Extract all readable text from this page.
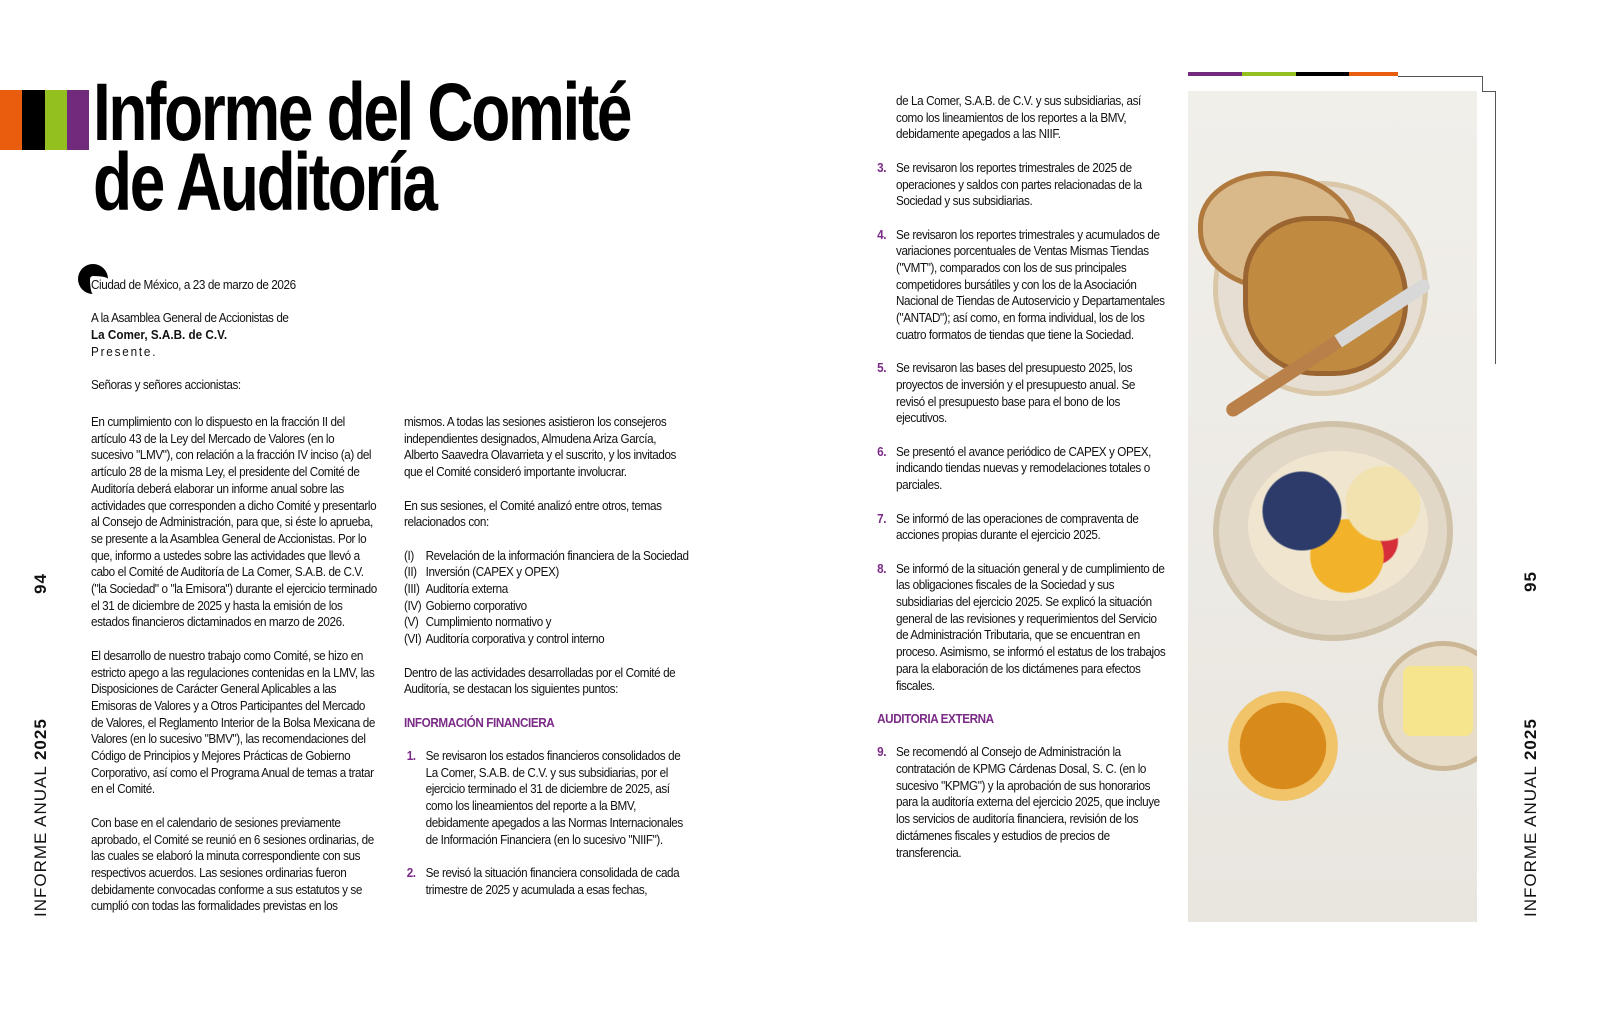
Informe del Comité
de Auditoría

Ciudad de México, a 23 de marzo de 2026

A la Asamblea General de Accionistas de
La Comer, S.A.B. de C.V.

Presente.

Señoras y señores accionistas:

En cumplimiento con lo dispuesto en la fracción II del artículo 43 de la Ley del Mercado de Valores (en lo sucesivo "LMV"), con relación a la fracción IV inciso (a) del artículo 28 de la misma Ley, el presidente del Comité de Auditoría deberá elaborar un informe anual sobre las actividades que corresponden a dicho Comité y presentarlo al Consejo de Administración, para que, si éste lo aprueba, se presente a la Asamblea General de Accionistas. Por lo que, informo a ustedes sobre las actividades que llevó a cabo el Comité de Auditoría de La Comer, S.A.B. de C.V. ("la Sociedad" o "la Emisora") durante el ejercicio terminado el 31 de diciembre de 2025 y hasta la emisión de los estados financieros dictaminados en marzo de 2026.

El desarrollo de nuestro trabajo como Comité, se hizo en estricto apego a las regulaciones contenidas en la LMV, las Disposiciones de Carácter General Aplicables a las Emisoras de Valores y a Otros Participantes del Mercado de Valores, el Reglamento Interior de la Bolsa Mexicana de Valores (en lo sucesivo "BMV"), las recomendaciones del Código de Principios y Mejores Prácticas de Gobierno Corporativo, así como el Programa Anual de temas a tratar en el Comité.

Con base en el calendario de sesiones previamente aprobado, el Comité se reunió en 6 sesiones ordinarias, de las cuales se elaboró la minuta correspondiente con sus respectivos acuerdos. Las sesiones ordinarias fueron debidamente convocadas conforme a sus estatutos y se cumplió con todas las formalidades previstas en los

mismos. A todas las sesiones asistieron los consejeros independientes designados, Almudena Ariza García, Alberto Saavedra Olavarrieta y el suscrito, y los invitados que el Comité consideró importante involucrar.

En sus sesiones, el Comité analizó entre otros, temas relacionados con:

(I) Revelación de la información financiera de la Sociedad
(II) Inversión (CAPEX y OPEX)
(III) Auditoría externa
(IV) Gobierno corporativo
(V) Cumplimiento normativo y
(VI) Auditoría corporativa y control interno

Dentro de las actividades desarrolladas por el Comité de Auditoría, se destacan los siguientes puntos:

INFORMACIÓN FINANCIERA
1. Se revisaron los estados financieros consolidados de La Comer, S.A.B. de C.V. y sus subsidiarias, por el ejercicio terminado el 31 de diciembre de 2025, así como los lineamientos del reporte a la BMV, debidamente apegados a las Normas Internacionales de Información Financiera (en lo sucesivo "NIIF").
2. Se revisó la situación financiera consolidada de cada trimestre de 2025 y acumulada a esas fechas,

de La Comer, S.A.B. de C.V. y sus subsidiarias, así como los lineamientos de los reportes a la BMV, debidamente apegados a las NIIF.

3. Se revisaron los reportes trimestrales de 2025 de operaciones y saldos con partes relacionadas de la Sociedad y sus subsidiarias.
4. Se revisaron los reportes trimestrales y acumulados de variaciones porcentuales de Ventas Mismas Tiendas ("VMT"), comparados con los de sus principales competidores bursátiles y con los de la Asociación Nacional de Tiendas de Autoservicio y Departamentales ("ANTAD"); así como, en forma individual, los de los cuatro formatos de tiendas que tiene la Sociedad.
5. Se revisaron las bases del presupuesto 2025, los proyectos de inversión y el presupuesto anual. Se revisó el presupuesto base para el bono de los ejecutivos.
6. Se presentó el avance periódico de CAPEX y OPEX, indicando tiendas nuevas y remodelaciones totales o parciales.
7. Se informó de las operaciones de compraventa de acciones propias durante el ejercicio 2025.
8. Se informó de la situación general y de cumplimiento de las obligaciones fiscales de la Sociedad y sus subsidiarias del ejercicio 2025. Se explicó la situación general de las revisiones y requerimientos del Servicio de Administración Tributaria, que se encuentran en proceso. Asimismo, se informó el estatus de los trabajos para la elaboración de los dictámenes para efectos fiscales.
AUDITORIA EXTERNA
9. Se recomendó al Consejo de Administración la contratación de KPMG Cárdenas Dosal, S. C. (en lo sucesivo "KPMG") y la aprobación de sus honorarios para la auditoría externa del ejercicio 2025, que incluye los servicios de auditoría financiera, revisión de los dictámenes fiscales y estudios de precios de transferencia.
94
INFORME ANUAL 2025
95
INFORME ANUAL 2025
